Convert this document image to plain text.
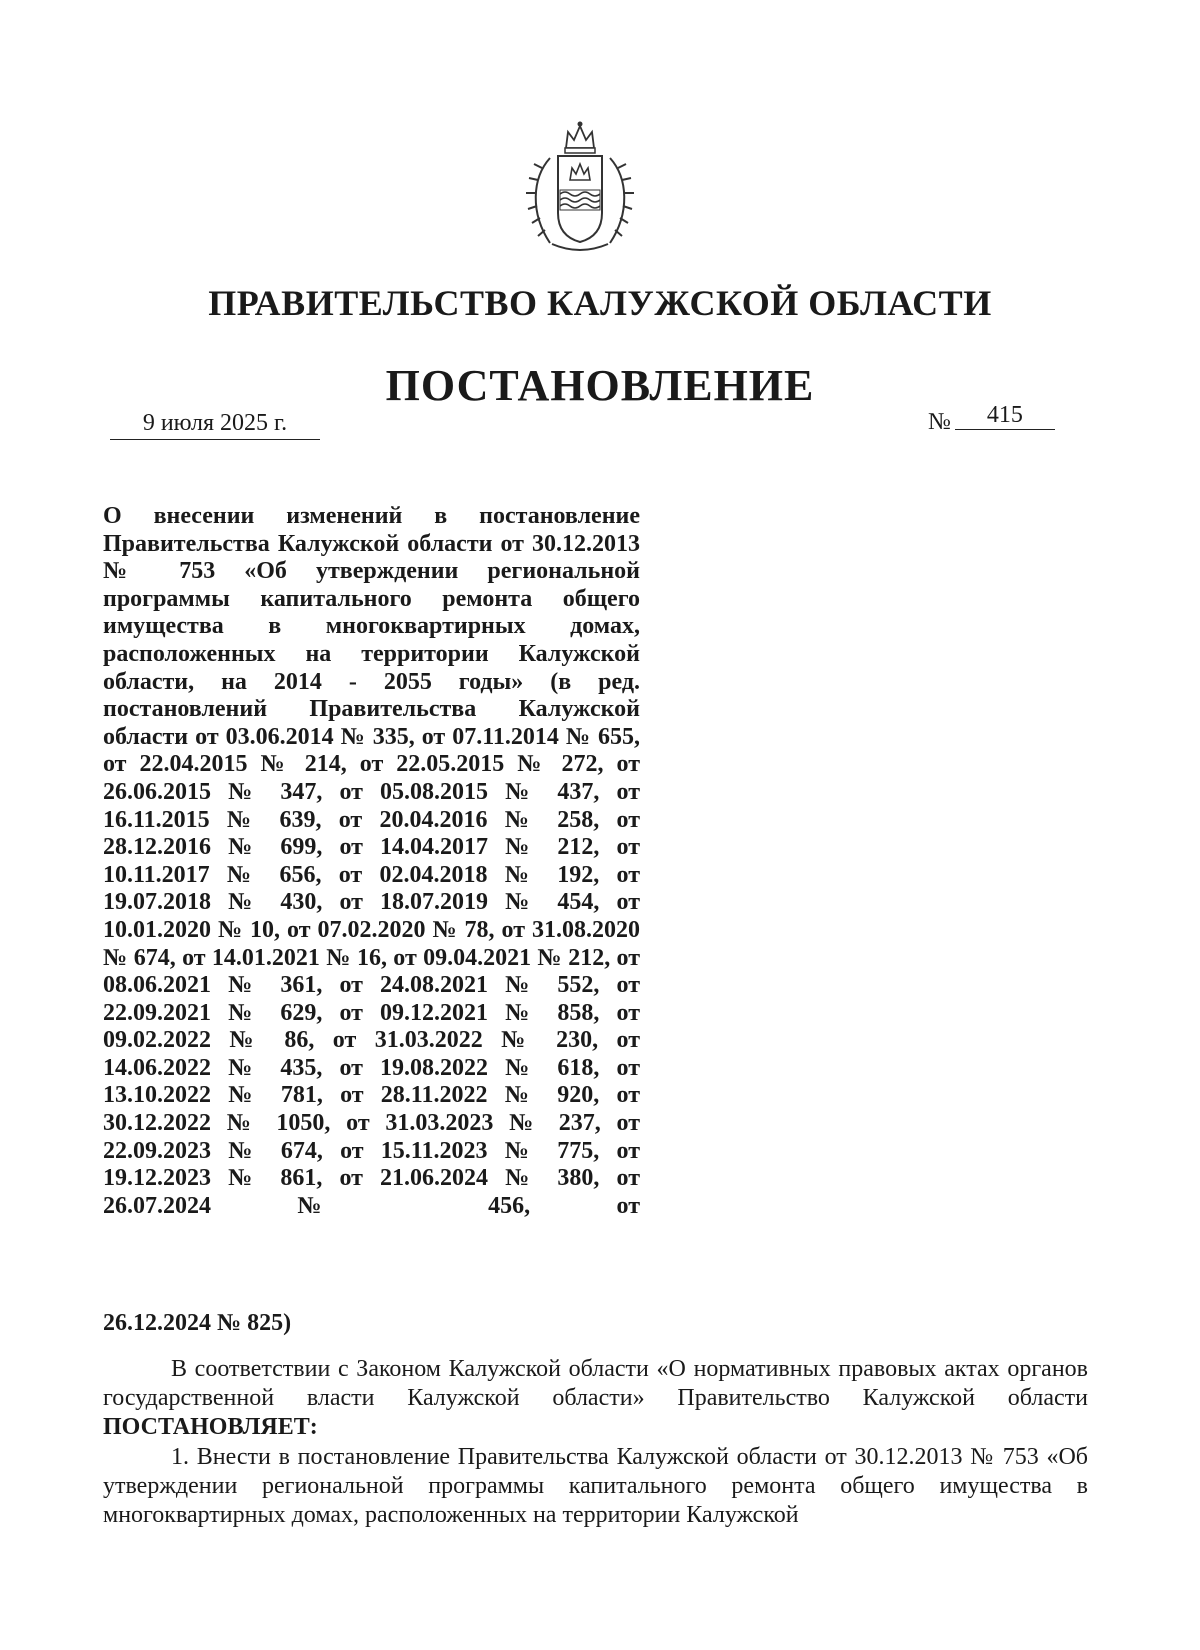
ПРАВИТЕЛЬСТВО КАЛУЖСКОЙ ОБЛАСТИ
ПОСТАНОВЛЕНИЕ
9 июля 2025 г.	№	415

О внесении изменений в постановление Правительства Калужской области от 30.12.2013 № 753 «Об утверждении региональной программы капитального ремонта общего имущества в многоквартирных домах, расположенных на территории Калужской области, на 2014 - 2055 годы» (в ред. постановлений Правительства Калужской области от 03.06.2014 № 335, от 07.11.2014 № 655, от 22.04.2015 № 214, от 22.05.2015 № 272, от 26.06.2015 № 347, от 05.08.2015 № 437, от 16.11.2015 № 639, от 20.04.2016 № 258, от 28.12.2016 № 699, от 14.04.2017 № 212, от 10.11.2017 № 656, от 02.04.2018 № 192, от 19.07.2018 № 430, от 18.07.2019 № 454, от 10.01.2020 № 10, от 07.02.2020 № 78, от 31.08.2020 № 674, от 14.01.2021 № 16, от 09.04.2021 № 212, от 08.06.2021 № 361, от 24.08.2021 № 552, от 22.09.2021 № 629, от 09.12.2021 № 858, от 09.02.2022 № 86, от 31.03.2022 № 230, от 14.06.2022 № 435, от 19.08.2022 № 618, от 13.10.2022 № 781, от 28.11.2022 № 920, от 30.12.2022 № 1050, от 31.03.2023 № 237, от 22.09.2023 № 674, от 15.11.2023 № 775, от 19.12.2023 № 861, от 21.06.2024 № 380, от 26.07.2024 № 456, от

26.12.2024 № 825)

В соответствии с Законом Калужской области «О нормативных правовых актах органов государственной власти Калужской области» Правительство Калужской области ПОСТАНОВЛЯЕТ:

1. Внести в постановление Правительства Калужской области от 30.12.2013 № 753 «Об утверждении региональной программы капитального ремонта общего имущества в многоквартирных домах, расположенных на территории Калужской
